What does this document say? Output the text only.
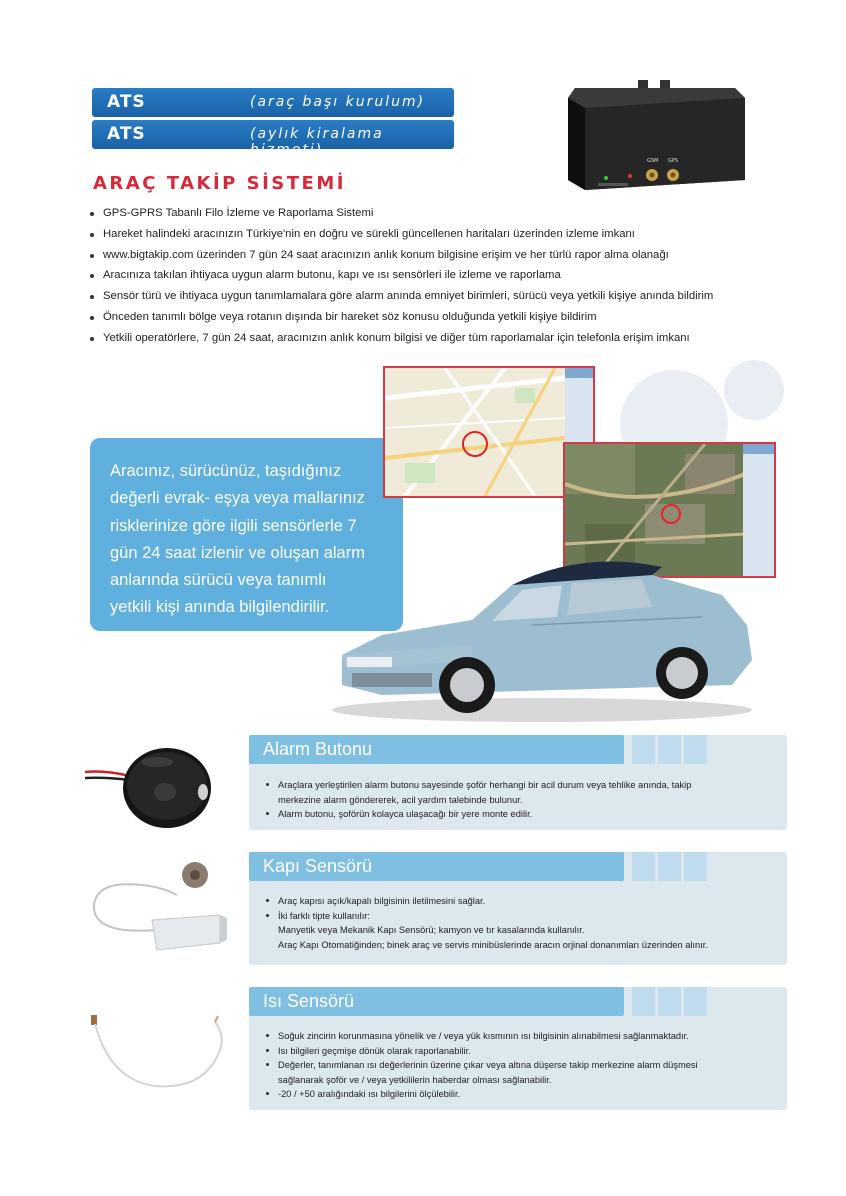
ATS	(araç başı kurulum)
ATS	(aylık kiralama hizmeti)
GSM GPS
ARAÇ TAKİP SİSTEMİ
GPS-GPRS Tabanlı Filo İzleme ve Raporlama Sistemi
Hareket halindeki aracınızın Türkiye'nin en doğru ve sürekli güncellenen haritaları üzerinden izleme imkanı
www.bigtakip.com üzerinden 7 gün 24 saat aracınızın anlık konum bilgisine erişim ve her türlü rapor alma olanağı
Aracınıza takılan ihtiyaca uygun alarm butonu, kapı ve ısı sensörleri ile izleme ve raporlama
Sensör türü ve ihtiyaca uygun tanımlamalara göre alarm anında emniyet birimleri, sürücü veya yetkili kişiye anında bildirim
Önceden tanımlı bölge veya rotanın dışında bir hareket söz konusu olduğunda yetkili kişiye bildirim
Yetkili operatörlere, 7 gün 24 saat, aracınızın anlık konum bilgisi ve diğer tüm raporlamalar için telefonla erişim imkanı
Aracınız, sürücünüz, taşıdığınız
değerli evrak- eşya veya mallarınız
risklerinize göre ilgili sensörlerle 7
gün 24 saat izlenir ve oluşan alarm
anlarında sürücü veya tanımlı
yetkili kişi anında bilgilendirilir.
Alarm Butonu
Araçlara yerleştirilen alarm butonu sayesinde şoför herhangi bir acil durum veya tehlike anında, takip
merkezine alarm göndererek, acil yardım talebinde bulunur.
Alarm butonu, şoförün kolayca ulaşacağı bir yere monte edilir.
Kapı Sensörü
Araç kapısı açık/kapalı bilgisinin iletilmesini sağlar.
İki farklı tipte kullanılır:
Manyetik veya Mekanik Kapı Sensörü; kamyon ve tır kasalarında kullanılır.
Araç Kapı Otomatiğinden; binek araç ve servis minibüslerinde aracın orjinal donanımları üzerinden alınır.
Isı Sensörü
Soğuk zincirin korunmasına yönelik ve / veya yük kısmının ısı bilgisinin alınabilmesi sağlanmaktadır.
Isı bilgileri geçmişe dönük olarak raporlanabilir.
Değerler, tanımlanan ısı değerlerinin üzerine çıkar veya altına düşerse takip merkezine alarm düşmesi
sağlanarak şoför ve / veya yetkililerin haberdar olması sağlanabilir.
-20 / +50 aralığındaki ısı bilgilerini ölçülebilir.
